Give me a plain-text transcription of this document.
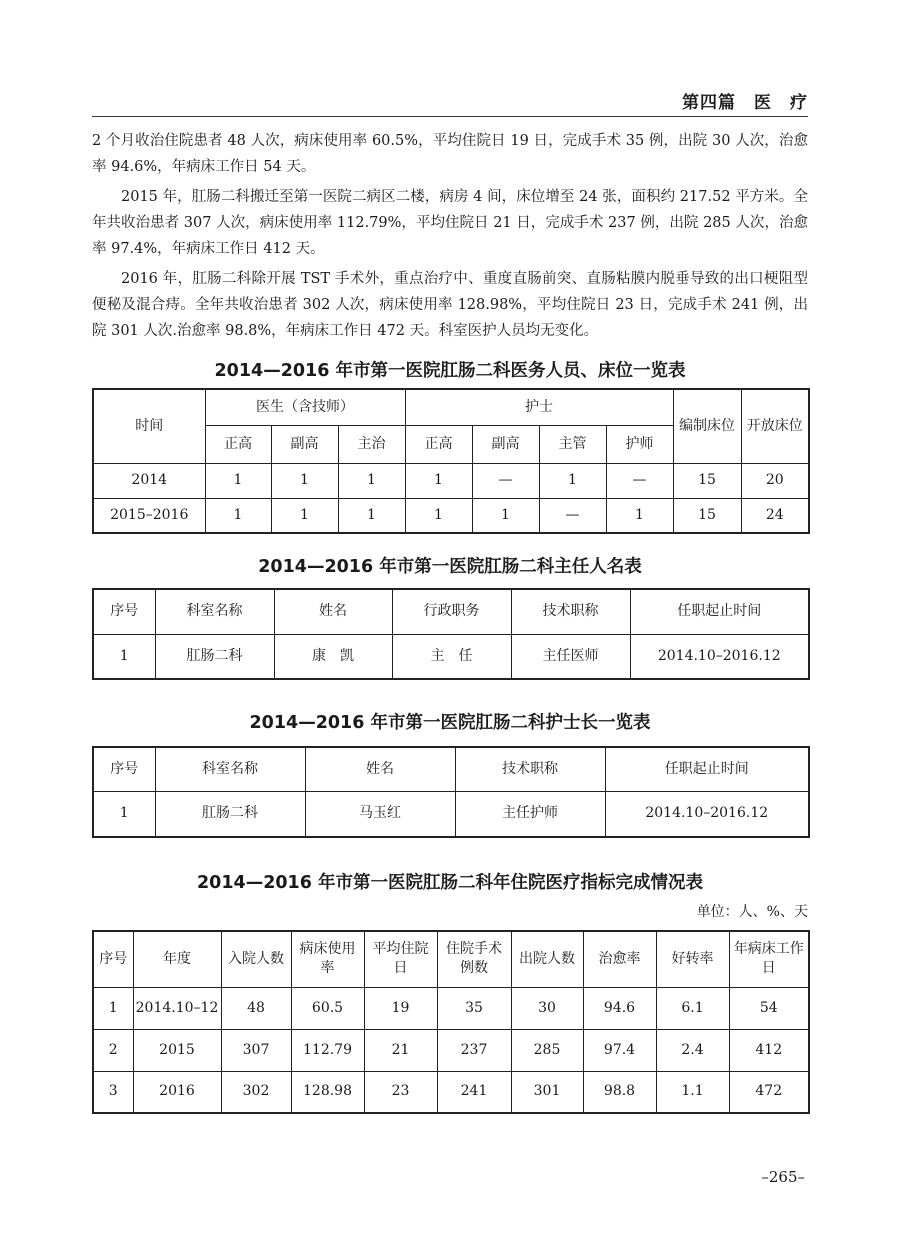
第四篇　医　疗

2 个月收治住院患者 48 人次，病床使用率 60.5%，平均住院日 19 日，完成手术 35 例，出院 30 人次，治愈率 94.6%，年病床工作日 54 天。

2015 年，肛肠二科搬迁至第一医院二病区二楼，病房 4 间，床位增至 24 张，面积约 217.52 平方米。全年共收治患者 307 人次，病床使用率 112.79%，平均住院日 21 日，完成手术 237 例，出院 285 人次，治愈率 97.4%，年病床工作日 412 天。

2016 年，肛肠二科除开展 TST 手术外，重点治疗中、重度直肠前突、直肠粘膜内脱垂导致的出口梗阻型便秘及混合痔。全年共收治患者 302 人次，病床使用率 128.98%，平均住院日 23 日，完成手术 241 例，出院 301 人次.治愈率 98.8%，年病床工作日 472 天。科室医护人员均无变化。

2014—2016 年市第一医院肛肠二科医务人员、床位一览表
时间	医生（含技师）			护士				编制床位	开放床位
	正高	副高	主治	正高	副高	主管	护师		
2014	1	1	1	1	—	1	—	15	20
2015–2016	1	1	1	1	1	—	1	15	24
2014—2016 年市第一医院肛肠二科主任人名表
序号	科室名称	姓名	行政职务	技术职称	任职起止时间
1	肛肠二科	康　凯	主　任	主任医师	2014.10–2016.12
2014—2016 年市第一医院肛肠二科护士长一览表
序号	科室名称	姓名	技术职称	任职起止时间
1	肛肠二科	马玉红	主任护师	2014.10–2016.12
2014—2016 年市第一医院肛肠二科年住院医疗指标完成情况表
单位：人、%、天
序号	年度	入院人数	病床使用率	平均住院日	住院手术例数	出院人数	治愈率	好转率	年病床工作日
1	2014.10–12	48	60.5	19	35	30	94.6	6.1	54
2	2015	307	112.79	21	237	285	97.4	2.4	412
3	2016	302	128.98	23	241	301	98.8	1.1	472
–265–
